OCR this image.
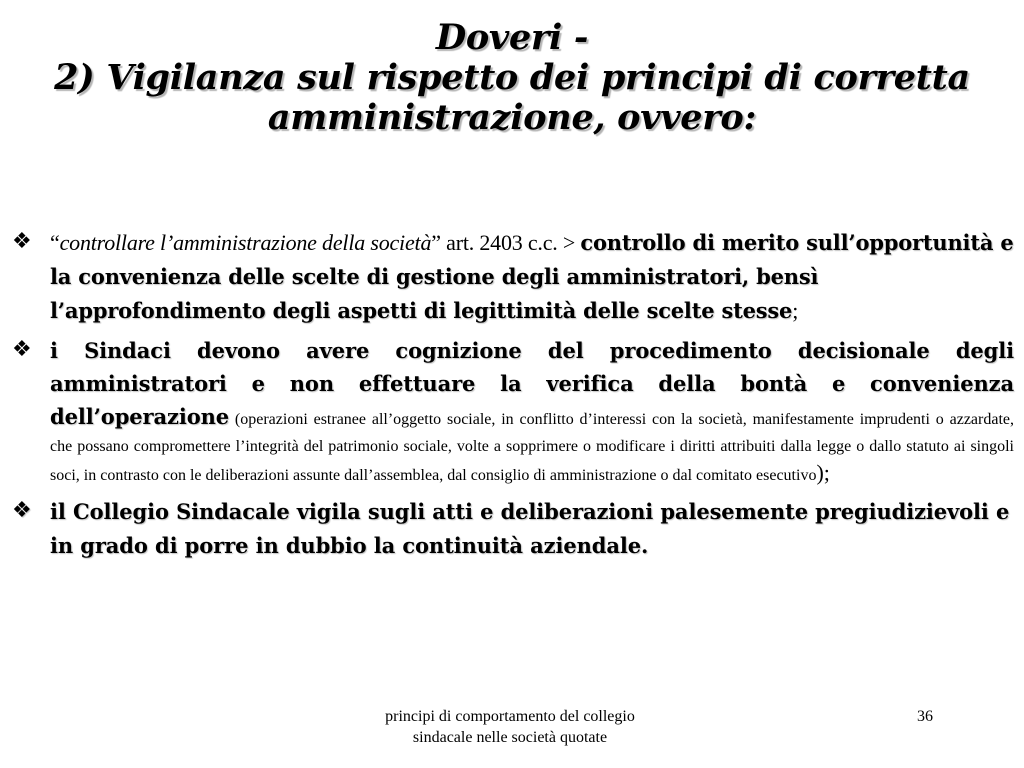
Doveri -
2) Vigilanza sul rispetto dei principi di corretta
amministrazione, ovvero:
❖ “controllare l’amministrazione della società” art. 2403 c.c. > controllo di merito sull’opportunità e la convenienza delle scelte di gestione degli amministratori, bensì l’approfondimento degli aspetti di legittimità delle scelte stesse;
❖ i Sindaci devono avere cognizione del procedimento decisionale degli amministratori e non effettuare la verifica della bontà e convenienza dell’operazione (operazioni estranee all’oggetto sociale, in conflitto d’interessi con la società, manifestamente imprudenti o azzardate, che possano compromettere l’integrità del patrimonio sociale, volte a sopprimere o modificare i diritti attribuiti dalla legge o dallo statuto ai singoli soci, in contrasto con le deliberazioni assunte dall’assemblea, dal consiglio di amministrazione o dal comitato esecutivo);
❖ il Collegio Sindacale vigila sugli atti e deliberazioni palesemente pregiudizievoli e in grado di porre in dubbio la continuità aziendale.
principi di comportamento del collegio sindacale nelle società quotate
36
